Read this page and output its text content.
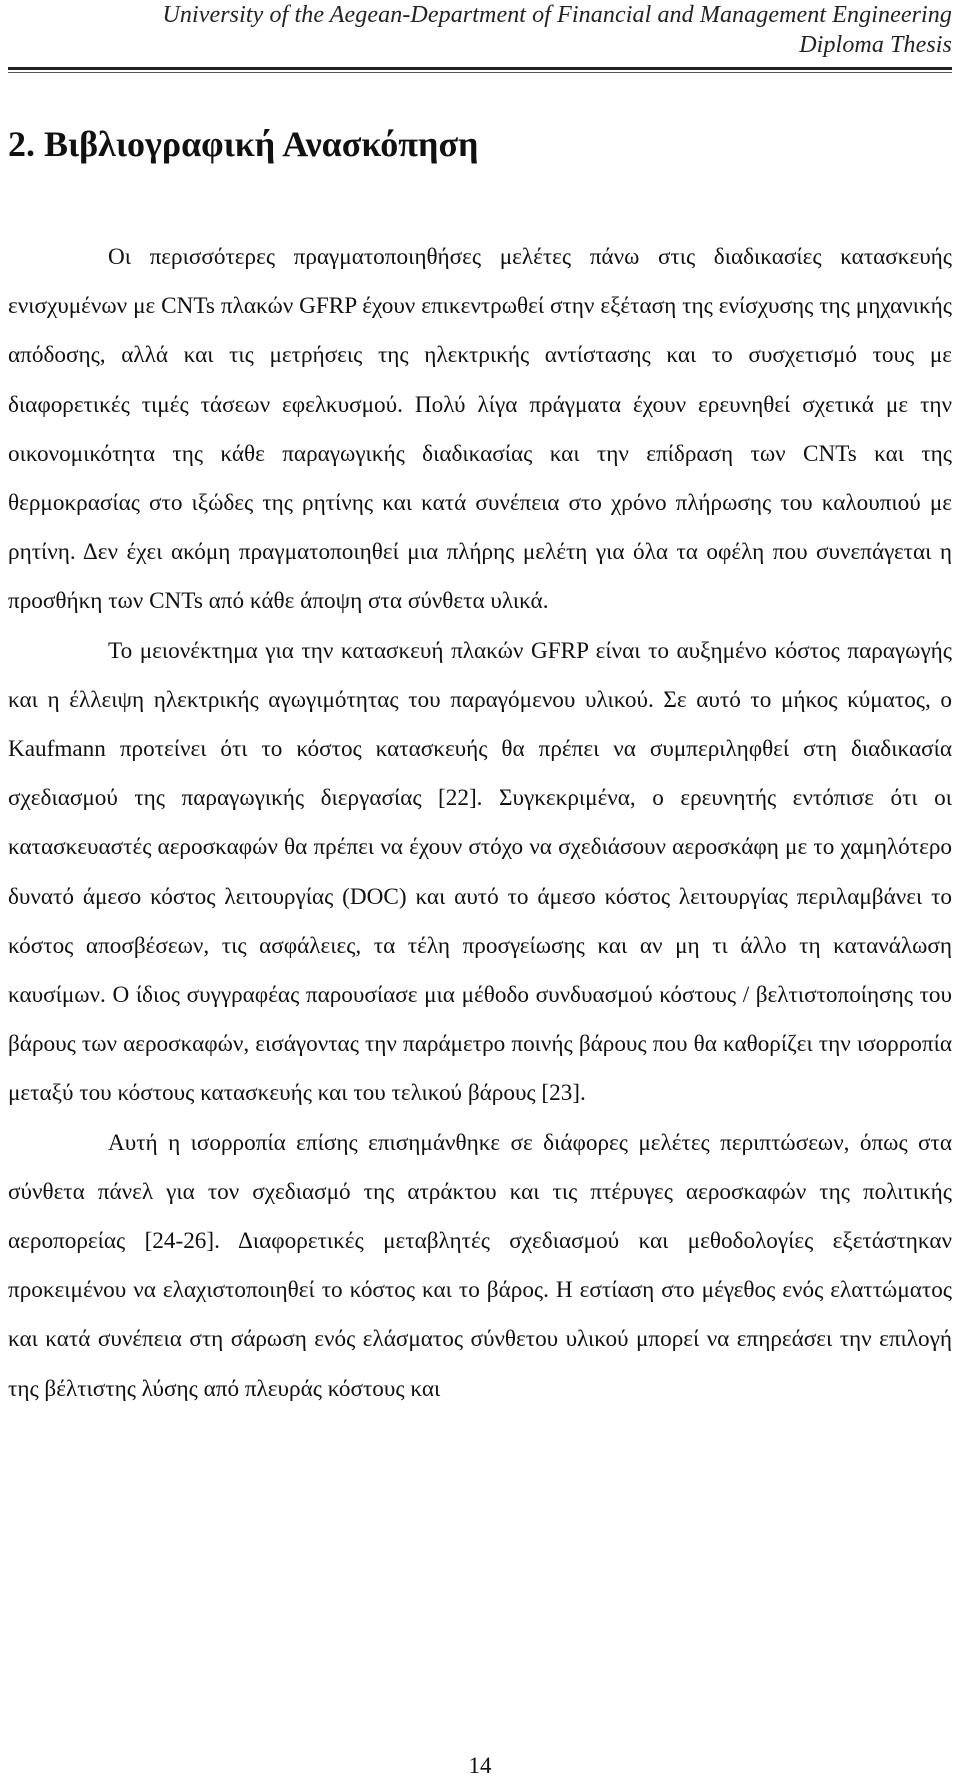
University of the Aegean-Department of Financial and Management Engineering
Diploma Thesis
2. Βιβλιογραφική Ανασκόπηση

Οι περισσότερες πραγματοποιηθήσες μελέτες πάνω στις διαδικασίες κατασκευής ενισχυμένων με CNTs πλακών GFRP έχουν επικεντρωθεί στην εξέταση της ενίσχυσης της μηχανικής απόδοσης, αλλά και τις μετρήσεις της ηλεκτρικής αντίστασης και το συσχετισμό τους με διαφορετικές τιμές τάσεων εφελκυσμού. Πολύ λίγα πράγματα έχουν ερευνηθεί σχετικά με την οικονομικότητα της κάθε παραγωγικής διαδικασίας και την επίδραση των CNTs και της θερμοκρασίας στο ιξώδες της ρητίνης και κατά συνέπεια στο χρόνο πλήρωσης του καλουπιού με ρητίνη. Δεν έχει ακόμη πραγματοποιηθεί μια πλήρης μελέτη για όλα τα οφέλη που συνεπάγεται η προσθήκη των CNTs από κάθε άποψη στα σύνθετα υλικά.

Το μειονέκτημα για την κατασκευή πλακών GFRP είναι το αυξημένο κόστος παραγωγής και η έλλειψη ηλεκτρικής αγωγιμότητας του παραγόμενου υλικού. Σε αυτό το μήκος κύματος, ο Kaufmann προτείνει ότι το κόστος κατασκευής θα πρέπει να συμπεριληφθεί στη διαδικασία σχεδιασμού της παραγωγικής διεργασίας [22]. Συγκεκριμένα, ο ερευνητής εντόπισε ότι οι κατασκευαστές αεροσκαφών θα πρέπει να έχουν στόχο να σχεδιάσουν αεροσκάφη με το χαμηλότερο δυνατό άμεσο κόστος λειτουργίας (DOC) και αυτό το άμεσο κόστος λειτουργίας περιλαμβάνει το κόστος αποσβέσεων, τις ασφάλειες, τα τέλη προσγείωσης και αν μη τι άλλο τη κατανάλωση καυσίμων. Ο ίδιος συγγραφέας παρουσίασε μια μέθοδο συνδυασμού κόστους / βελτιστοποίησης του βάρους των αεροσκαφών, εισάγοντας την παράμετρο ποινής βάρους που θα καθορίζει την ισορροπία μεταξύ του κόστους κατασκευής και του τελικού βάρους [23].

Αυτή η ισορροπία επίσης επισημάνθηκε σε διάφορες μελέτες περιπτώσεων, όπως στα σύνθετα πάνελ για τον σχεδιασμό της ατράκτου και τις πτέρυγες αεροσκαφών της πολιτικής αεροπορείας [24-26]. Διαφορετικές μεταβλητές σχεδιασμού και μεθοδολογίες εξετάστηκαν προκειμένου να ελαχιστοποιηθεί το κόστος και το βάρος. Η εστίαση στο μέγεθος ενός ελαττώματος και κατά συνέπεια στη σάρωση ενός ελάσματος σύνθετου υλικού μπορεί να επηρεάσει την επιλογή της βέλτιστης λύσης από πλευράς κόστους και

14
